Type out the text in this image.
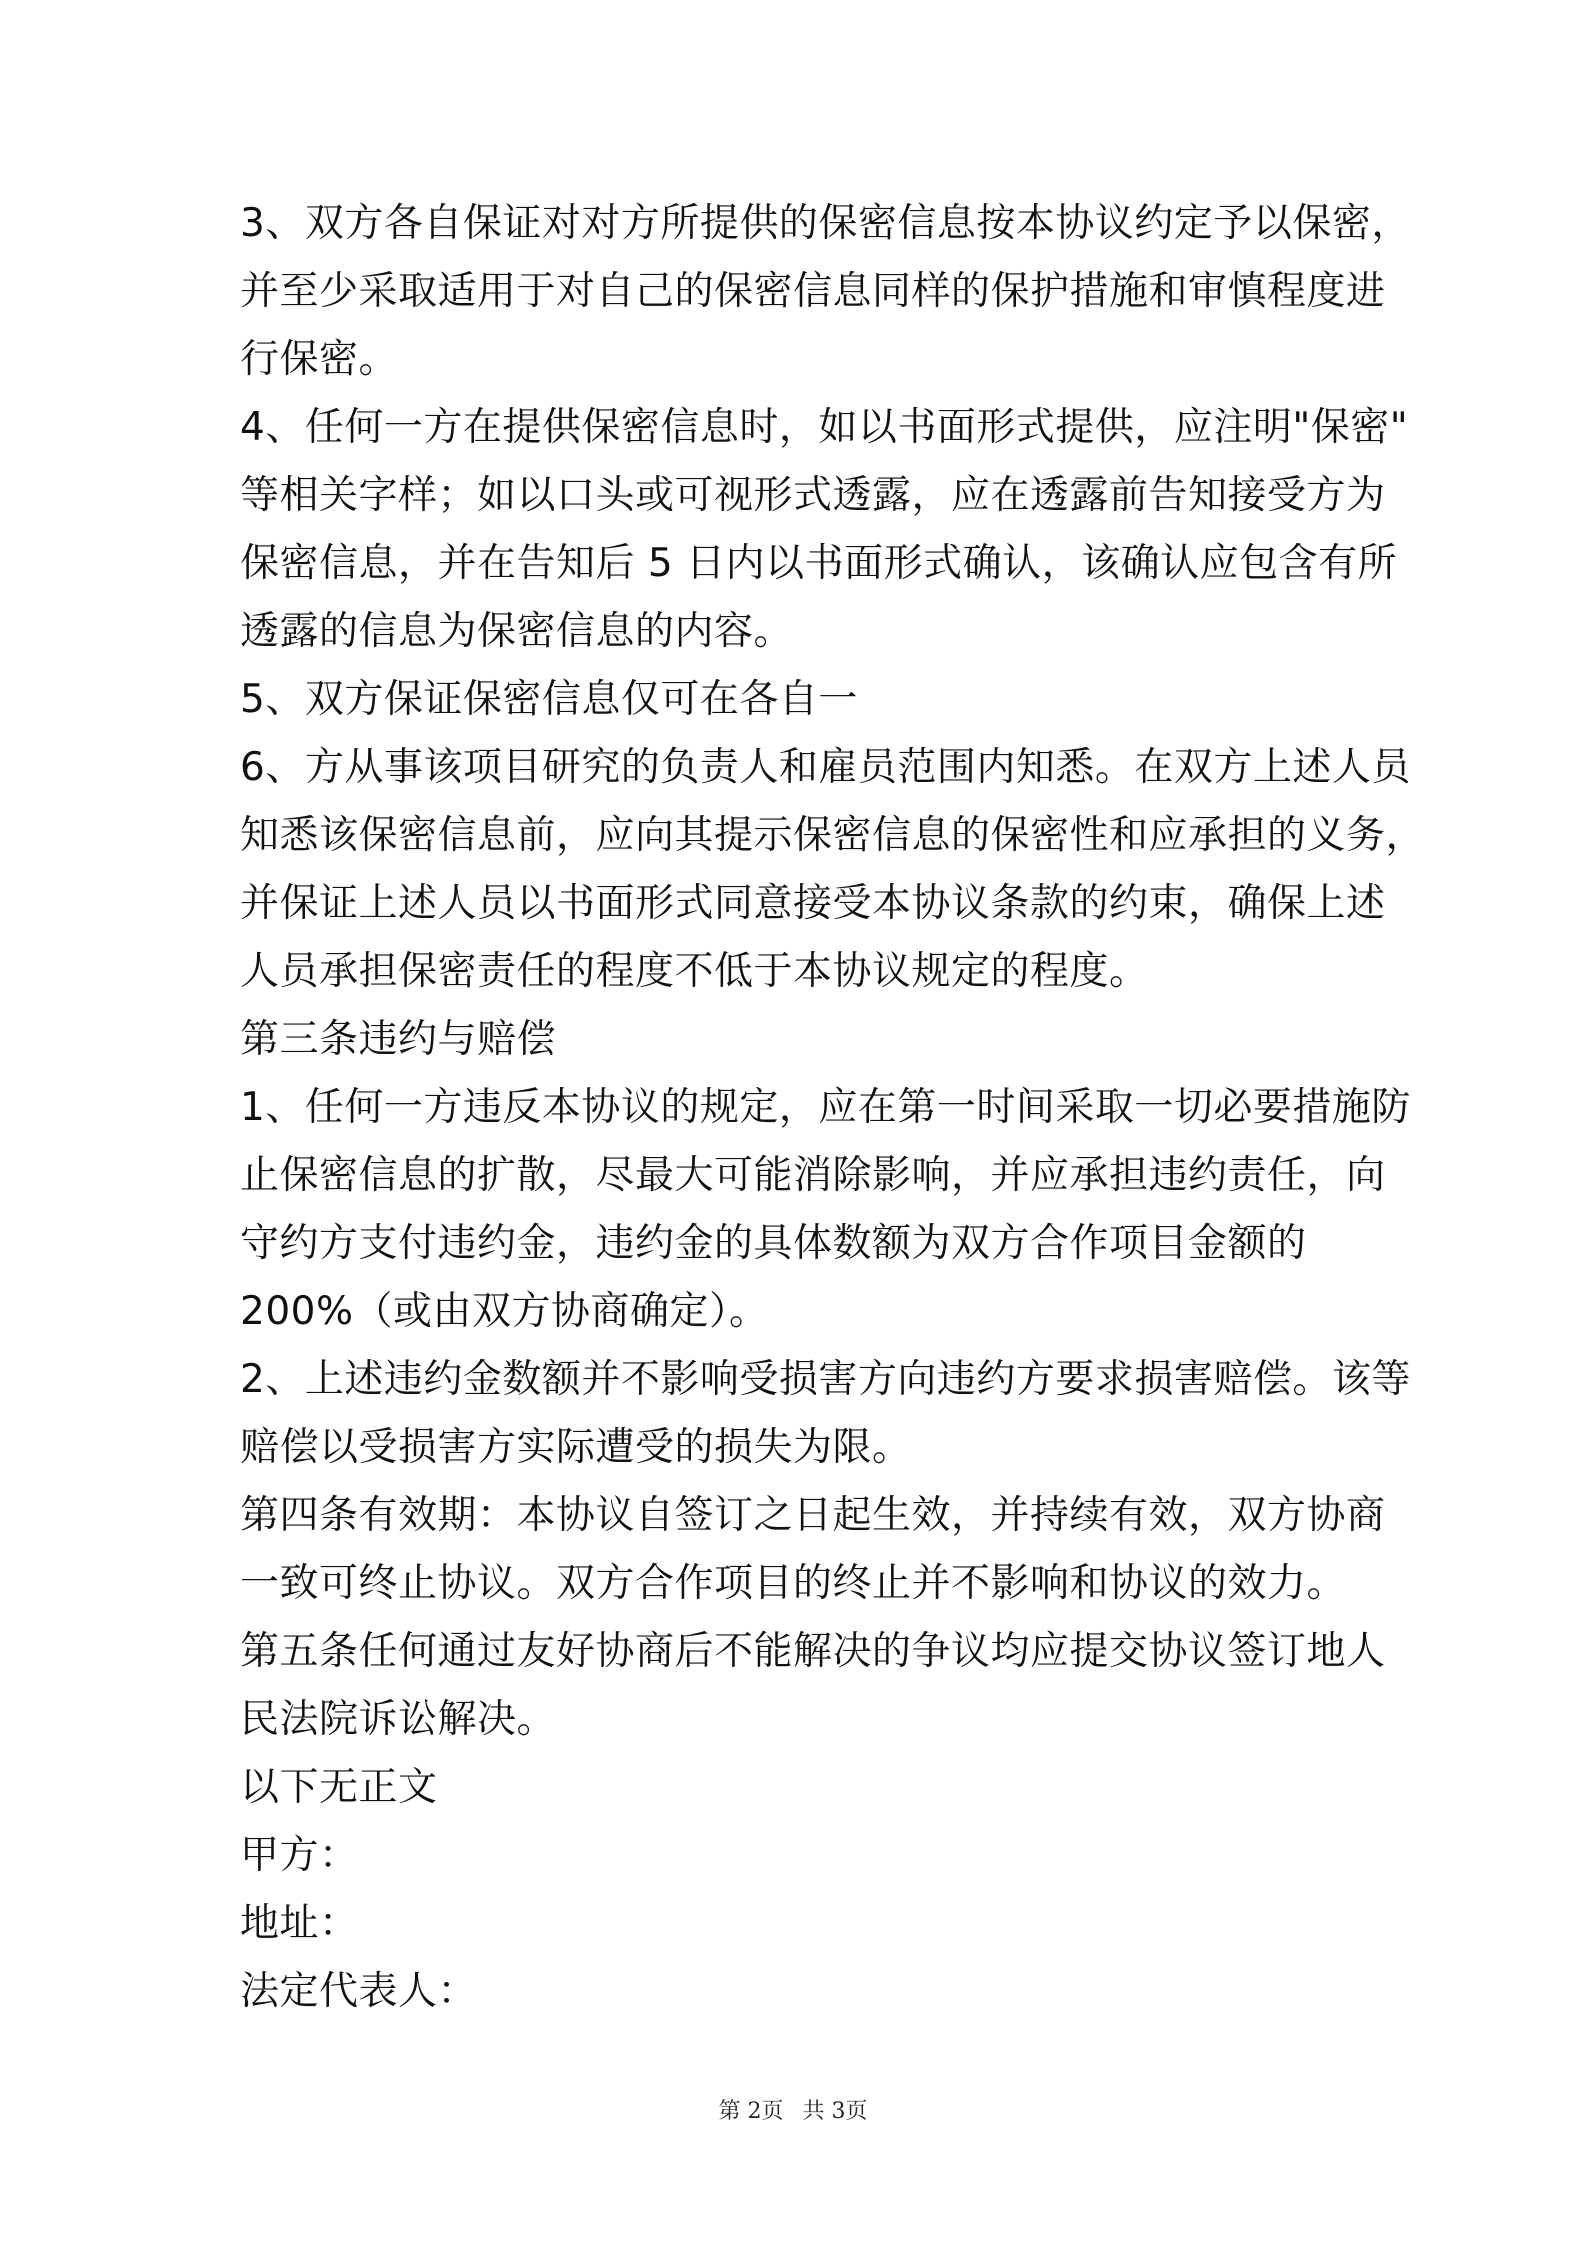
3、双方各自保证对对方所提供的保密信息按本协议约定予以保密，
并至少采取适用于对自己的保密信息同样的保护措施和审慎程度进
行保密。
4、任何一方在提供保密信息时，如以书面形式提供，应注明"保密"
等相关字样；如以口头或可视形式透露，应在透露前告知接受方为
保密信息，并在告知后 5 日内以书面形式确认，该确认应包含有所
透露的信息为保密信息的内容。
5、双方保证保密信息仅可在各自一
6、方从事该项目研究的负责人和雇员范围内知悉。在双方上述人员
知悉该保密信息前，应向其提示保密信息的保密性和应承担的义务，
并保证上述人员以书面形式同意接受本协议条款的约束，确保上述
人员承担保密责任的程度不低于本协议规定的程度。
第三条违约与赔偿
1、任何一方违反本协议的规定，应在第一时间采取一切必要措施防
止保密信息的扩散，尽最大可能消除影响，并应承担违约责任，向
守约方支付违约金，违约金的具体数额为双方合作项目金额的
200%（或由双方协商确定）。
2、上述违约金数额并不影响受损害方向违约方要求损害赔偿。该等
赔偿以受损害方实际遭受的损失为限。
第四条有效期：本协议自签订之日起生效，并持续有效，双方协商
一致可终止协议。双方合作项目的终止并不影响和协议的效力。
第五条任何通过友好协商后不能解决的争议均应提交协议签订地人
民法院诉讼解决。
以下无正文
甲方：
地址：
法定代表人：
第 2页 共 3页
